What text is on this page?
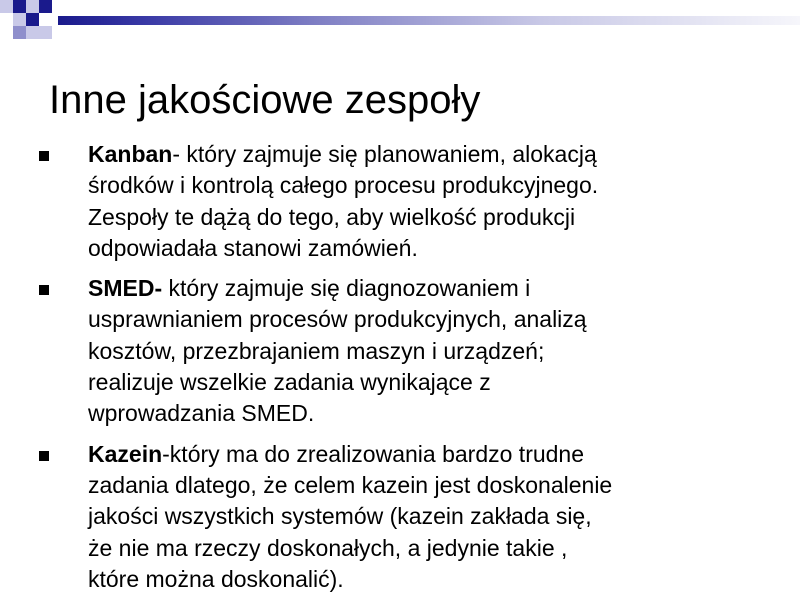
Inne jakościowe zespoły
Kanban- który zajmuje się planowaniem, alokacją
środków i kontrolą całego procesu produkcyjnego.
Zespoły te dążą do tego, aby wielkość produkcji
odpowiadała stanowi zamówień.
SMED- który zajmuje się diagnozowaniem i
usprawnianiem procesów produkcyjnych, analizą
kosztów, przezbrajaniem maszyn i urządzeń;
realizuje wszelkie zadania wynikające z
wprowadzania SMED.
Kazein-który ma do zrealizowania bardzo trudne
zadania dlatego, że celem kazein jest doskonalenie
jakości wszystkich systemów (kazein zakłada się,
że nie ma rzeczy doskonałych, a jedynie takie ,
które można doskonalić).
